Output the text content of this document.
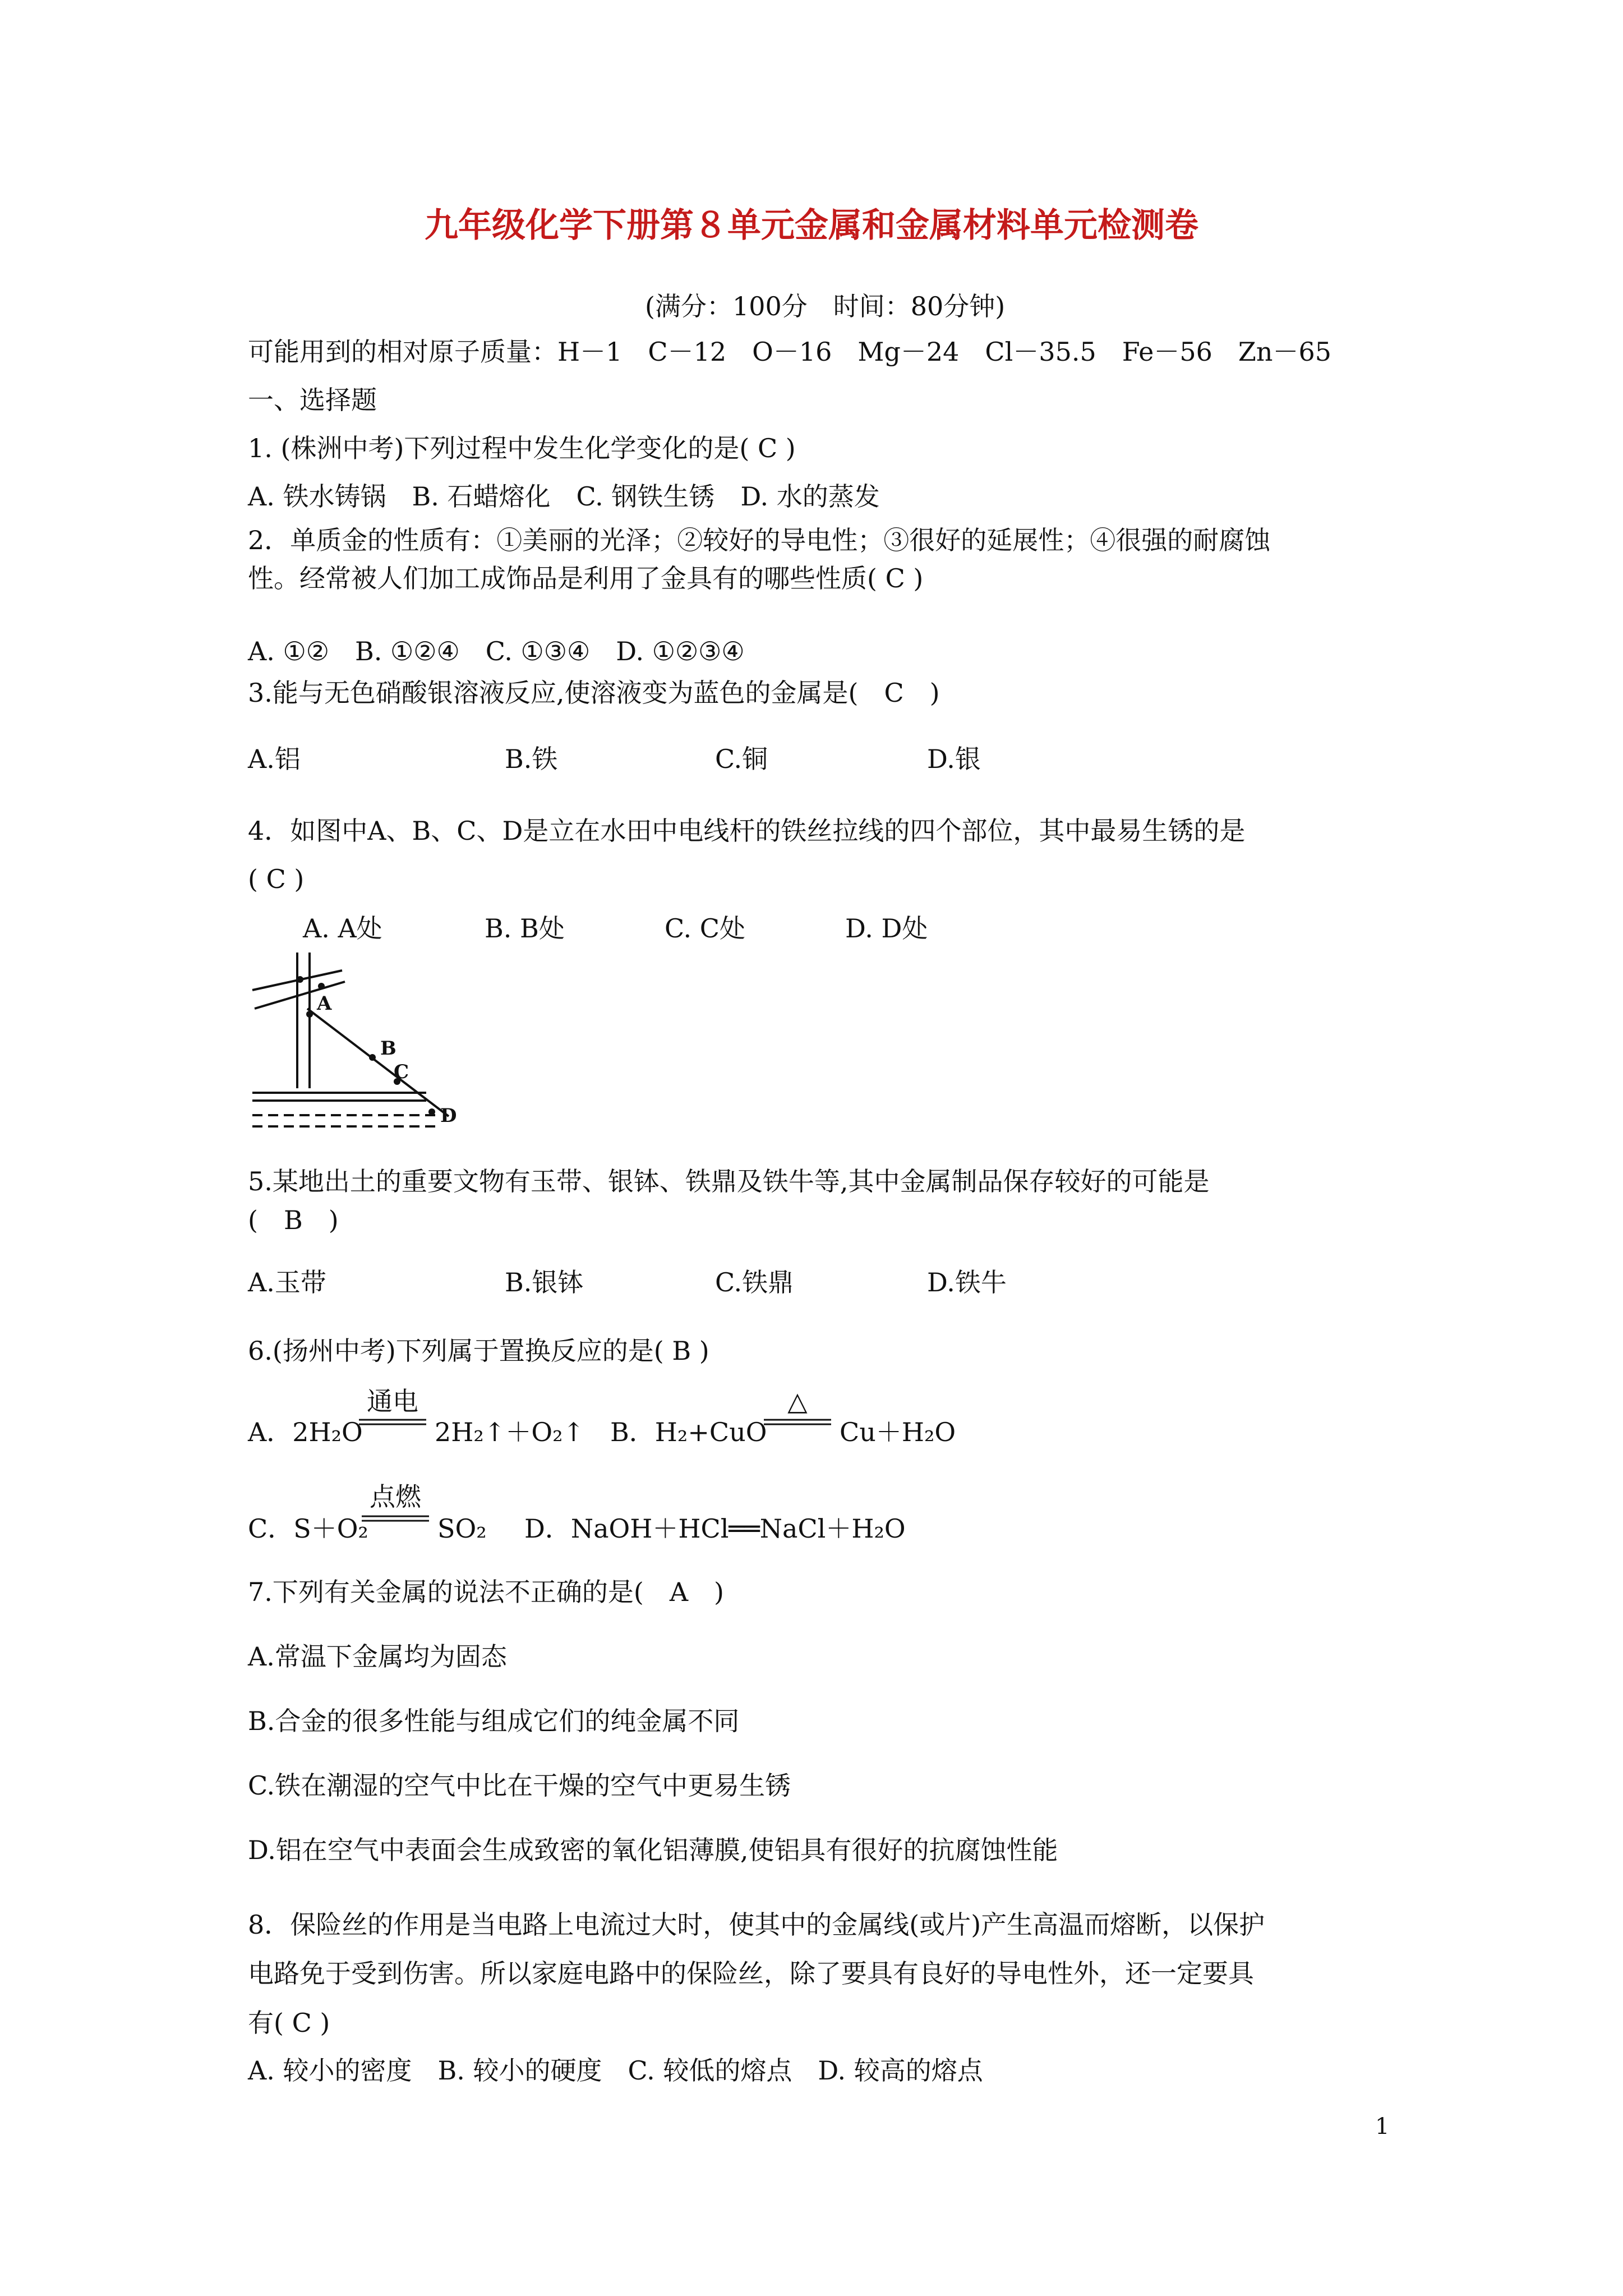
九年级化学下册第８单元金属和金属材料单元检测卷
(满分：100分　时间：80分钟)
可能用到的相对原子质量：H－1　C－12　O－16　Mg－24　Cl－35.5　Fe－56　Zn－65
一、选择题
1. (株洲中考)下列过程中发生化学变化的是( C )
A. 铁水铸锅　B. 石蜡熔化　C. 钢铁生锈　D. 水的蒸发
2．单质金的性质有：①美丽的光泽；②较好的导电性；③很好的延展性；④很强的耐腐蚀
性。经常被人们加工成饰品是利用了金具有的哪些性质( C )
A. ①②　B. ①②④　C. ①③④　D. ①②③④
3.能与无色硝酸银溶液反应,使溶液变为蓝色的金属是(　C　)
A.铝	B.铁	C.铜	D.银
4．如图中A、B、C、D是立在水田中电线杆的铁丝拉线的四个部位，其中最易生锈的是
( C )
A. A处	B. B处	C. C处	D. D处
A
B
C
D
5.某地出土的重要文物有玉带、银钵、铁鼎及铁牛等,其中金属制品保存较好的可能是
(　B　)
A.玉带	B.银钵	C.铁鼎	D.铁牛
6.(扬州中考)下列属于置换反应的是( B )
A．2H₂O
通电
2H₂↑＋O₂↑ B．H₂+CuO
△
Cu＋H₂O
C．S＋O₂
点燃
SO₂ D．NaOH＋HCl══NaCl＋H₂O
7.下列有关金属的说法不正确的是(　A　)
A.常温下金属均为固态
B.合金的很多性能与组成它们的纯金属不同
C.铁在潮湿的空气中比在干燥的空气中更易生锈
D.铝在空气中表面会生成致密的氧化铝薄膜,使铝具有很好的抗腐蚀性能
8．保险丝的作用是当电路上电流过大时，使其中的金属线(或片)产生高温而熔断，以保护
电路免于受到伤害。所以家庭电路中的保险丝，除了要具有良好的导电性外，还一定要具
有( C )
A. 较小的密度　B. 较小的硬度　C. 较低的熔点　D. 较高的熔点
1
